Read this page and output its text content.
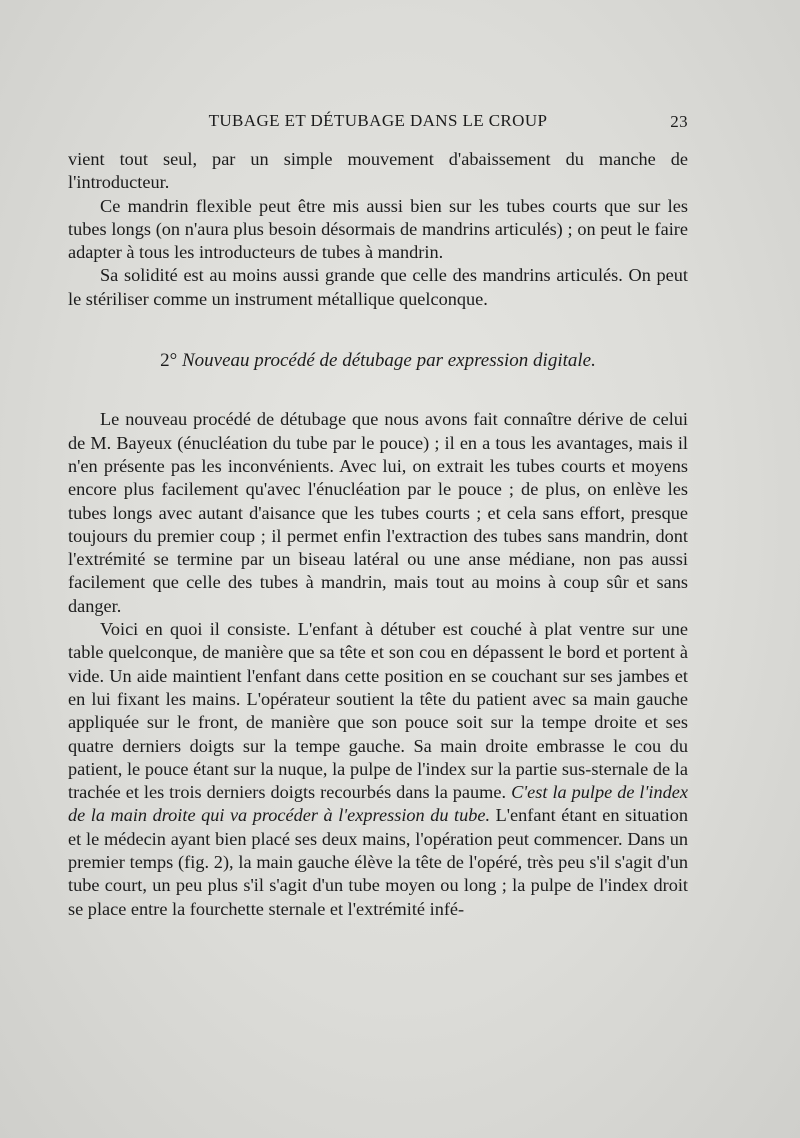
TUBAGE ET DÉTUBAGE DANS LE CROUP	23

vient tout seul, par un simple mouvement d'abaissement du manche de l'introducteur.

Ce mandrin flexible peut être mis aussi bien sur les tubes courts que sur les tubes longs (on n'aura plus besoin désormais de mandrins articulés) ; on peut le faire adapter à tous les introducteurs de tubes à mandrin.

Sa solidité est au moins aussi grande que celle des mandrins articulés. On peut le stériliser comme un instrument métallique quelconque.

2° Nouveau procédé de détubage par expression digitale.

Le nouveau procédé de détubage que nous avons fait connaître dérive de celui de M. Bayeux (énucléation du tube par le pouce) ; il en a tous les avantages, mais il n'en présente pas les inconvénients. Avec lui, on extrait les tubes courts et moyens encore plus facilement qu'avec l'énucléation par le pouce ; de plus, on enlève les tubes longs avec autant d'aisance que les tubes courts ; et cela sans effort, presque toujours du premier coup ; il permet enfin l'extraction des tubes sans mandrin, dont l'extrémité se termine par un biseau latéral ou une anse médiane, non pas aussi facilement que celle des tubes à mandrin, mais tout au moins à coup sûr et sans danger.

Voici en quoi il consiste. L'enfant à détuber est couché à plat ventre sur une table quelconque, de manière que sa tête et son cou en dépassent le bord et portent à vide. Un aide maintient l'enfant dans cette position en se couchant sur ses jambes et en lui fixant les mains. L'opérateur soutient la tête du patient avec sa main gauche appliquée sur le front, de manière que son pouce soit sur la tempe droite et ses quatre derniers doigts sur la tempe gauche. Sa main droite embrasse le cou du patient, le pouce étant sur la nuque, la pulpe de l'index sur la partie sus-sternale de la trachée et les trois derniers doigts recourbés dans la paume. C'est la pulpe de l'index de la main droite qui va procéder à l'expression du tube. L'enfant étant en situation et le médecin ayant bien placé ses deux mains, l'opération peut commencer. Dans un premier temps (fig. 2), la main gauche élève la tête de l'opéré, très peu s'il s'agit d'un tube court, un peu plus s'il s'agit d'un tube moyen ou long ; la pulpe de l'index droit se place entre la fourchette sternale et l'extrémité infé-
